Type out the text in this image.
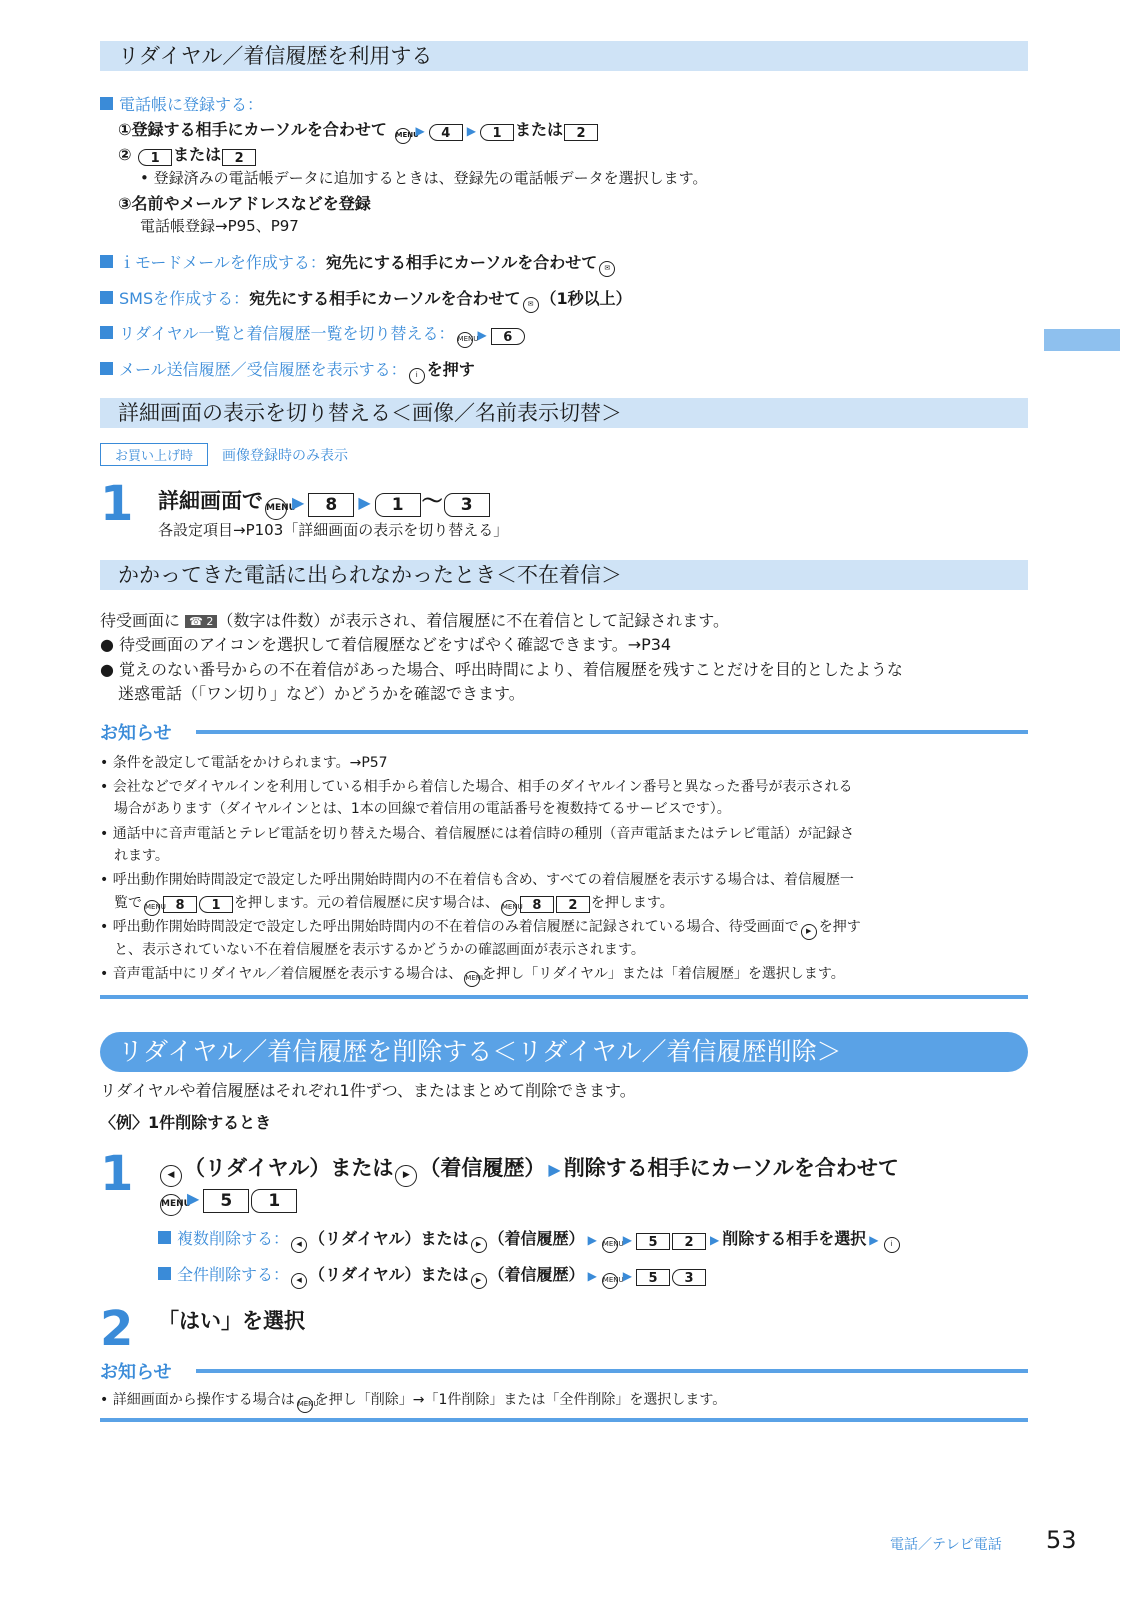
リダイヤル／着信履歴を利用する
電話帳に登録する：
①登録する相手にカーソルを合わせて MENU▶ 4 ▶ 1 または 2
② 1 または 2
• 登録済みの電話帳データに追加するときは、登録先の電話帳データを選択します。
③名前やメールアドレスなどを登録
電話帳登録→P95、P97
ｉモードメールを作成する：宛先にする相手にカーソルを合わせて ✉
SMSを作成する：宛先にする相手にカーソルを合わせて ✉ （1秒以上）
リダイヤル一覧と着信履歴一覧を切り替える： MENU▶ 6
メール送信履歴／受信履歴を表示する： i を押す
詳細画面の表示を切り替える＜画像／名前表示切替＞
お買い上げ時 画像登録時のみ表示
1 詳細画面で MENU▶ 8 ▶ 1 ～ 3
各設定項目→P103「詳細画面の表示を切り替える」
かかってきた電話に出られなかったとき＜不在着信＞
待受画面に ☎ 2 （数字は件数）が表示され、着信履歴に不在着信として記録されます。
● 待受画面のアイコンを選択して着信履歴などをすばやく確認できます。→P34
● 覚えのない番号からの不在着信があった場合、呼出時間により、着信履歴を残すことだけを目的としたような
迷惑電話（「ワン切り」など）かどうかを確認できます。
お知らせ
• 条件を設定して電話をかけられます。→P57
• 会社などでダイヤルインを利用している相手から着信した場合、相手のダイヤルイン番号と異なった番号が表示される
場合があります（ダイヤルインとは、1本の回線で着信用の電話番号を複数持てるサービスです）。
• 通話中に音声電話とテレビ電話を切り替えた場合、着信履歴には着信時の種別（音声電話またはテレビ電話）が記録さ
れます。
• 呼出動作開始時間設定で設定した呼出開始時間内の不在着信も含め、すべての着信履歴を表示する場合は、着信履歴一
覧で MENU 8 1 を押します。元の着信履歴に戻す場合は、 MENU 8 2 を押します。
• 呼出動作開始時間設定で設定した呼出開始時間内の不在着信のみ着信履歴に記録されている場合、待受画面で ▶ を押す
と、表示されていない不在着信履歴を表示するかどうかの確認画面が表示されます。
• 音声電話中にリダイヤル／着信履歴を表示する場合は、 MENUを押し「リダイヤル」または「着信履歴」を選択します。
リダイヤル／着信履歴を削除する＜リダイヤル／着信履歴削除＞
リダイヤルや着信履歴はそれぞれ1件ずつ、またはまとめて削除できます。
〈例〉1件削除するとき
1	◀ （リダイヤル）または ▶ （着信履歴） ▶ 削除する相手にカーソルを合わせて
MENU▶ 5 1
複数削除する： ◀ （リダイヤル）または ▶ （着信履歴） ▶ MENU▶ 5 2 ▶ 削除する相手を選択 ▶ i
全件削除する： ◀ （リダイヤル）または ▶ （着信履歴） ▶ MENU▶ 5 3
2 「はい」を選択
お知らせ
• 詳細画面から操作する場合は MENUを押し「削除」→「1件削除」または「全件削除」を選択します。
電話／テレビ電話 53
